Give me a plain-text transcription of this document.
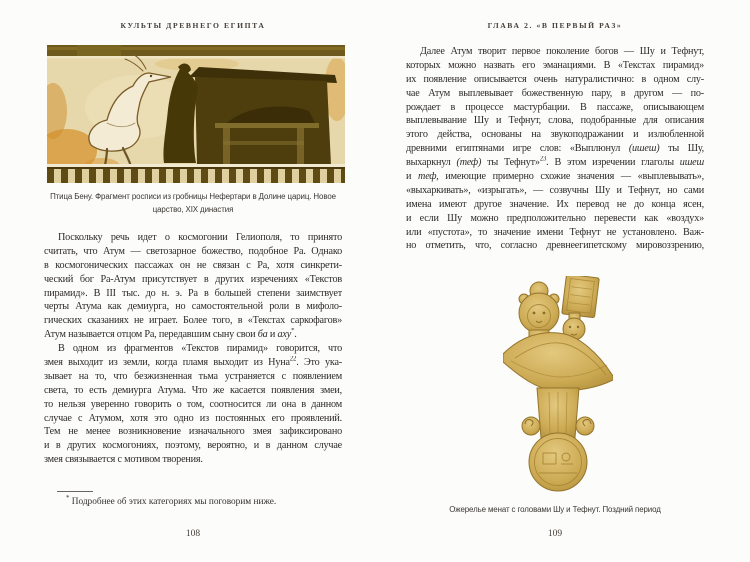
КУЛЬТЫ ДРЕВНЕГО ЕГИПТА
Птица Бену. Фрагмент росписи из гробницы Нефертари в Долине цариц. Новое
царство, XIX династия
Поскольку речь идет о космогонии Гелиополя, то принято
считать, что Атум — светозарное божество, подобное Ра. Однако
в космогонических пассажах он не связан с Ра, хотя синкрети-
ческий бог Ра-Атум присутствует в других изречениях «Текстов
пирамид». В III тыс. до н. э. Ра в большей степени заимствует
черты Атума как демиурга, но самостоятельной роли в мифоло-
гических сказаниях не играет. Более того, в «Текстах саркофагов»
Атум называется отцом Ра, передавшим сыну свои ба и аху*.
В одном из фрагментов «Текстов пирамид» говорится, что
змея выходит из земли, когда пламя выходит из Нуна$^{22}$. Это ука-
зывает на то, что безжизненная тьма устраняется с появлением
света, то есть демиурга Атума. Что же касается появления змеи,
то нельзя уверенно говорить о том, соотносится ли она в данном
случае с Атумом, хотя это одно из постоянных его проявлений.
Тем не менее возникновение изначального змея зафиксировано
и в других космогониях, поэтому, вероятно, и в данном случае
змея связывается с мотивом творения.
* Подробнее об этих категориях мы поговорим ниже.
108
ГЛАВА 2. «В ПЕРВЫЙ РАЗ»
Далее Атум творит первое поколение богов — Шу и Тефнут,
которых можно назвать его эманациями. В «Текстах пирамид»
их появление описывается очень натуралистично: в одном слу-
чае Атум выплевывает божественную пару, в другом — по-
рождает в процессе мастурбации. В пассаже, описывающем
выплевывание Шу и Тефнут, слова, подобранные для описания
этого действа, основаны на звукоподражании и излюбленной
древними египтянами игре слов: «Выплюнул (ишеш) ты Шу,
выхаркнул (теф) ты Тефнут»$^{23}$. В этом изречении глаголы ишеш
и теф, имеющие примерно схожие значения — «выплевывать»,
«выхаркивать», «изрыгать», — созвучны Шу и Тефнут, но сами
имена имеют другое значение. Их перевод не до конца ясен,
и если Шу можно предположительно перевести как «воздух»
или «пустота», то значение имени Тефнут не установлено. Важ-
но отметить, что, согласно древнеегипетскому мировоззрению,
Ожерелье менат с головами Шу и Тефнут. Поздний период
109
